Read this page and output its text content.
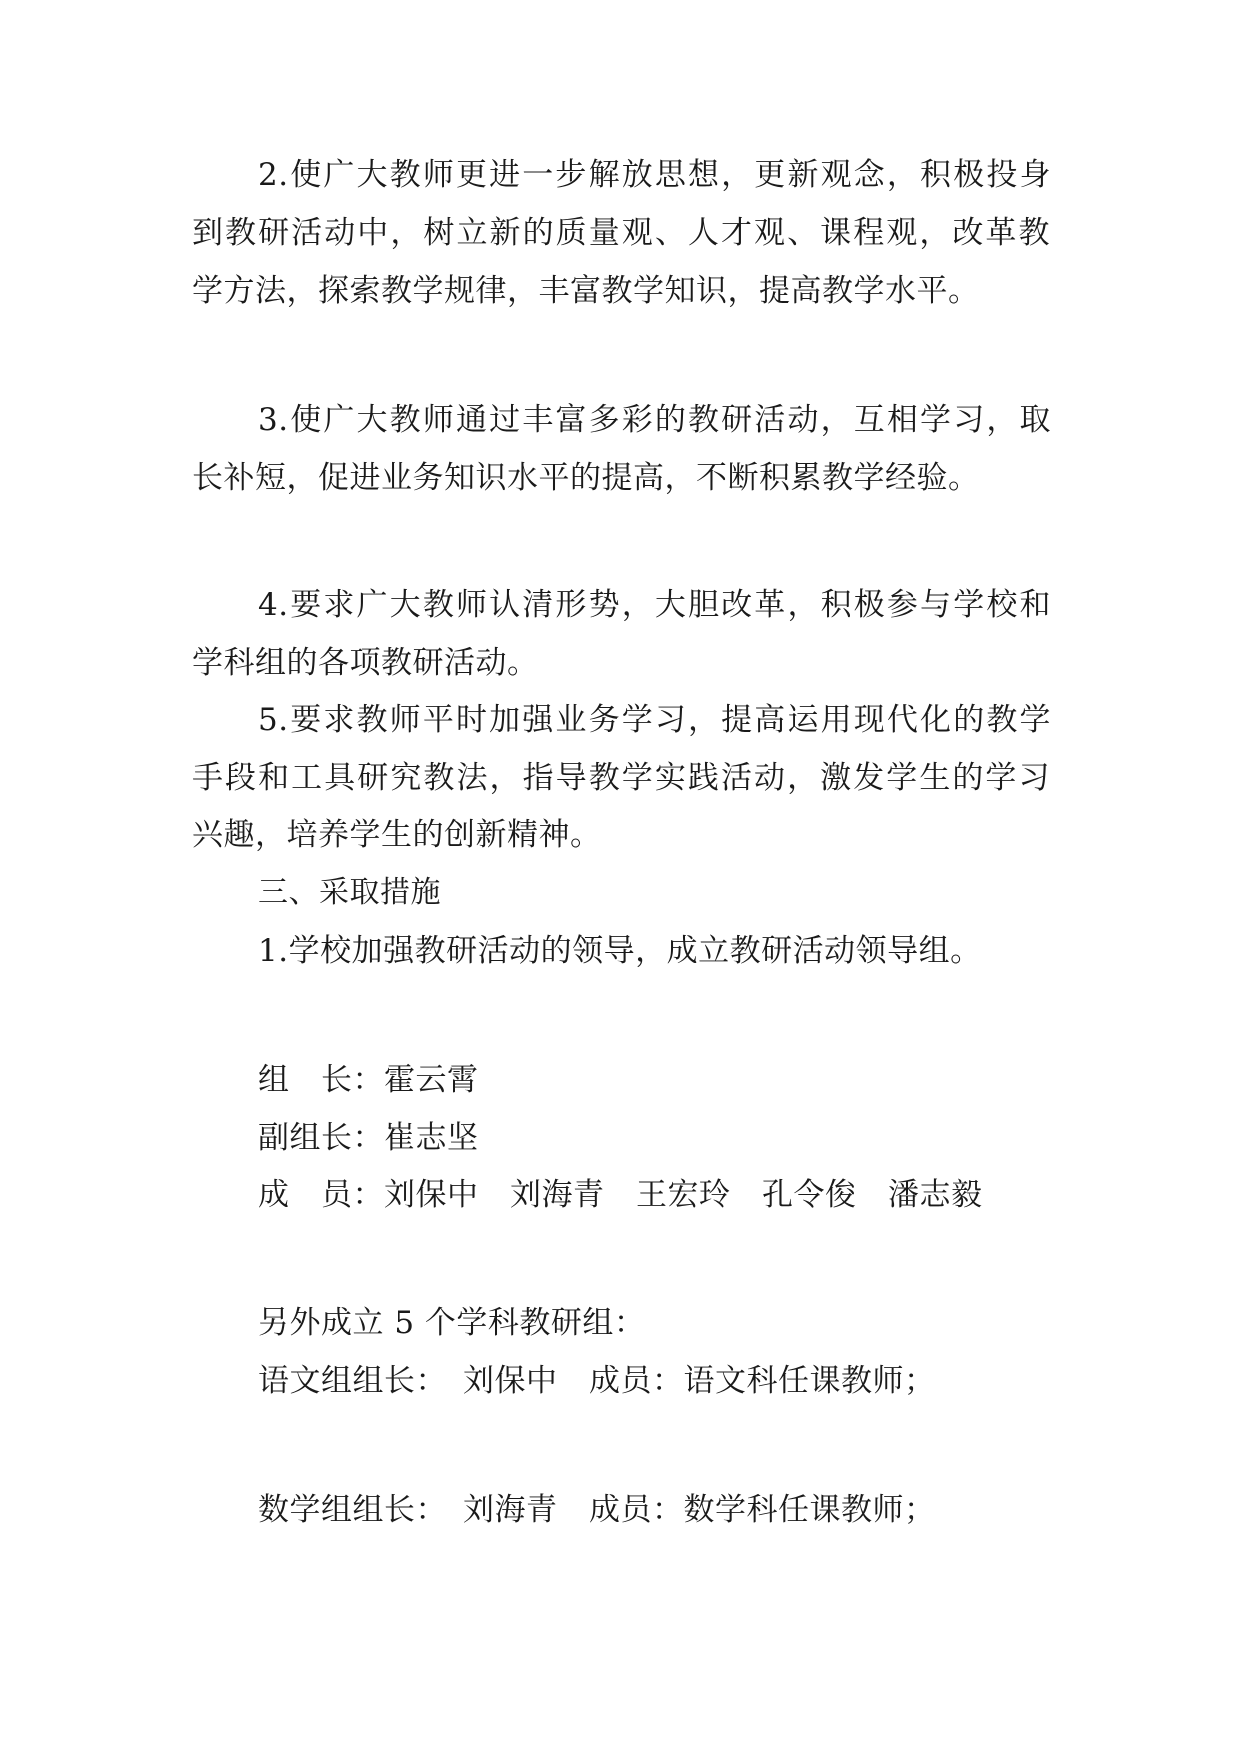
2.使广大教师更进一步解放思想，更新观念，积极投身
到教研活动中，树立新的质量观、人才观、课程观，改革教
学方法，探索教学规律，丰富教学知识，提高教学水平。
3.使广大教师通过丰富多彩的教研活动，互相学习，取
长补短，促进业务知识水平的提高，不断积累教学经验。
4.要求广大教师认清形势，大胆改革，积极参与学校和
学科组的各项教研活动。
5.要求教师平时加强业务学习，提高运用现代化的教学
手段和工具研究教法，指导教学实践活动，激发学生的学习
兴趣，培养学生的创新精神。
三、采取措施
1.学校加强教研活动的领导，成立教研活动领导组。
组　长：霍云霄
副组长：崔志坚
成　员：刘保中　刘海青　王宏玲　孔令俊　潘志毅
另外成立 5 个学科教研组：
语文组组长：　刘保中　成员：语文科任课教师；
数学组组长：　刘海青　成员：数学科任课教师；
